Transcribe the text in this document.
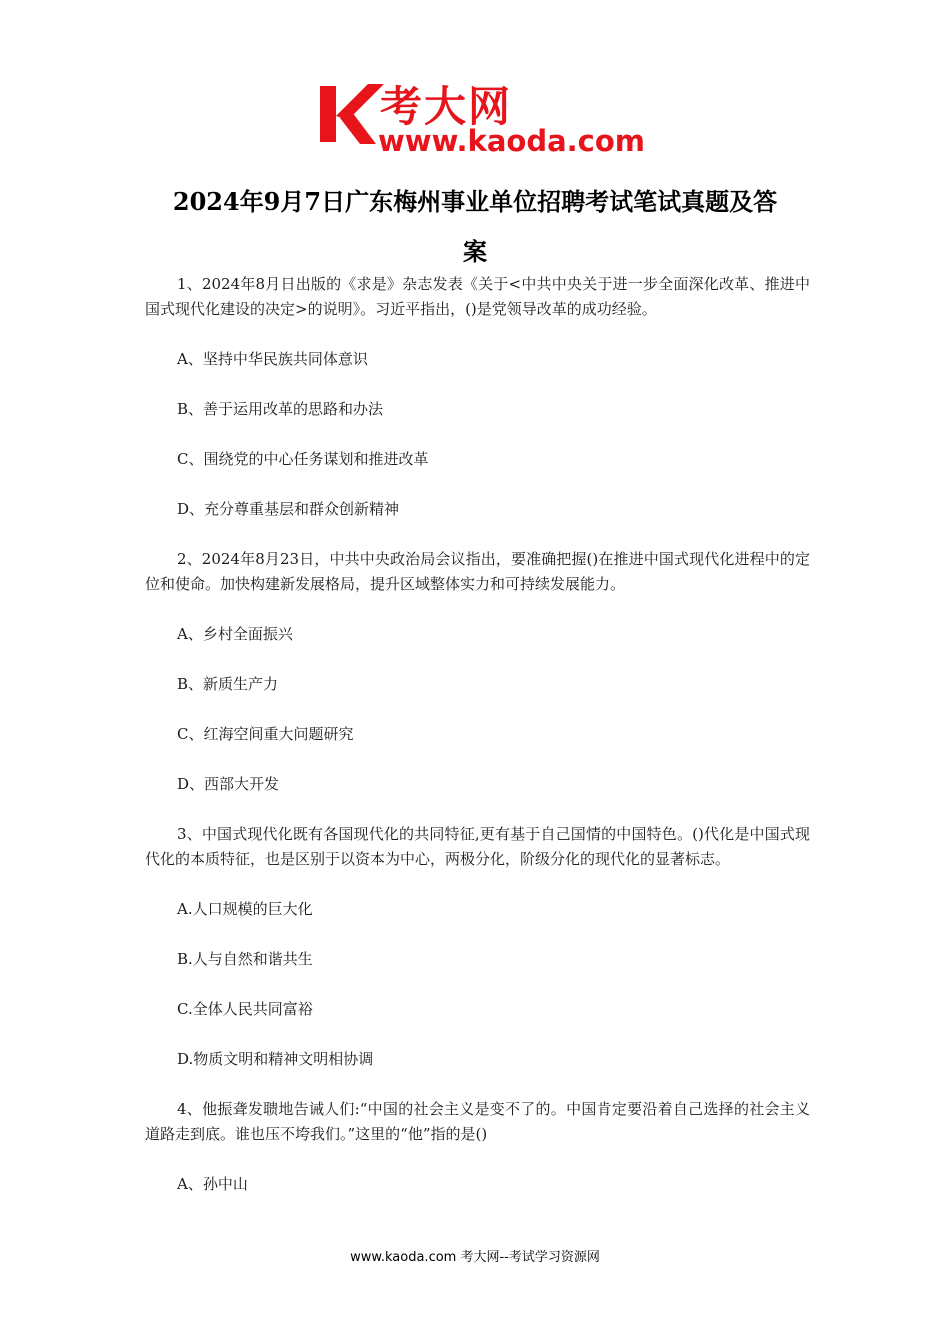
考大网
www.kaoda.com
2024年9月7日广东梅州事业单位招聘考试笔试真题及答
案

1、2024年8月日出版的《求是》杂志发表《关于<中共中央关于进一步全面深化改革、推进中国式现代化建设的决定>的说明》。习近平指出，()是党领导改革的成功经验。

A、坚持中华民族共同体意识

B、善于运用改革的思路和办法

C、围绕党的中心任务谋划和推进改革

D、充分尊重基层和群众创新精神

2、2024年8月23日，中共中央政治局会议指出，要准确把握()在推进中国式现代化进程中的定位和使命。加快构建新发展格局，提升区域整体实力和可持续发展能力。

A、乡村全面振兴

B、新质生产力

C、红海空间重大问题研究

D、西部大开发

3、中国式现代化既有各国现代化的共同特征,更有基于自己国情的中国特色。()代化是中国式现代化的本质特征，也是区别于以资本为中心，两极分化，阶级分化的现代化的显著标志。

A.人口规模的巨大化

B.人与自然和谐共生

C.全体人民共同富裕

D.物质文明和精神文明相协调

4、他振聋发聩地告诫人们:“中国的社会主义是变不了的。中国肯定要沿着自己选择的社会主义道路走到底。谁也压不垮我们。”这里的“他”指的是()

A、孙中山

www.kaoda.com 考大网--考试学习资源网
